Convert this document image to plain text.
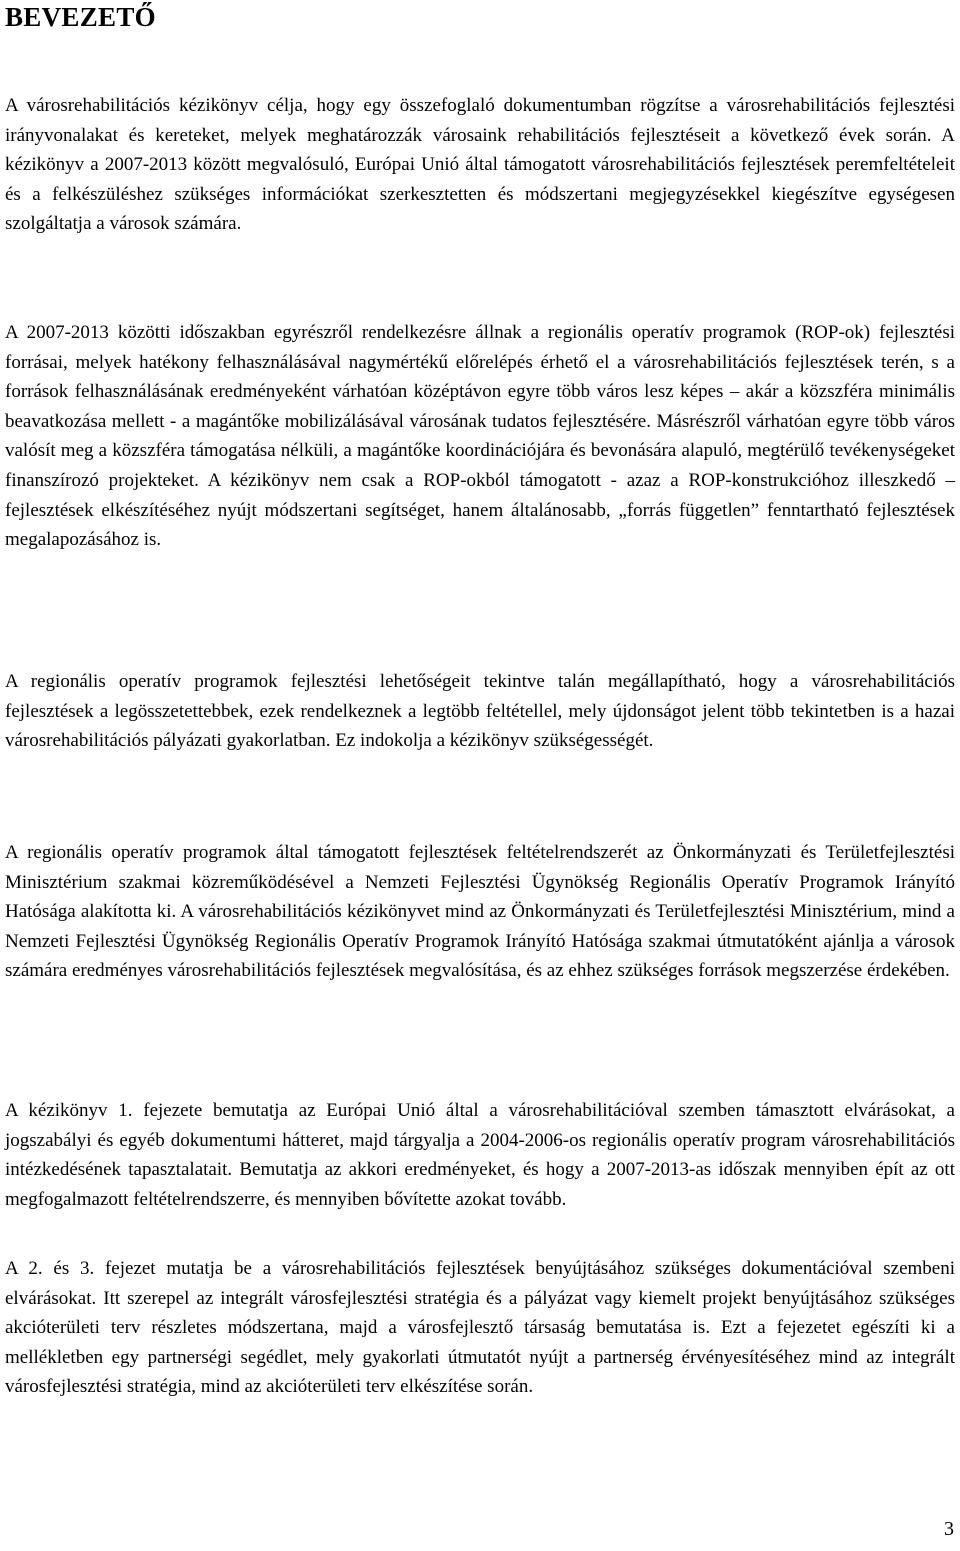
BEVEZETŐ

A városrehabilitációs kézikönyv célja, hogy egy összefoglaló dokumentumban rögzítse a városrehabilitációs fejlesztési irányvonalakat és kereteket, melyek meghatározzák városaink rehabilitációs fejlesztéseit a következő évek során. A kézikönyv a 2007-2013 között megvalósuló, Európai Unió által támogatott városrehabilitációs fejlesztések peremfeltételeit és a felkészüléshez szükséges információkat szerkesztetten és módszertani megjegyzésekkel kiegészítve egységesen szolgáltatja a városok számára.

A 2007-2013 közötti időszakban egyrészről rendelkezésre állnak a regionális operatív programok (ROP-ok) fejlesztési forrásai, melyek hatékony felhasználásával nagymértékű előrelépés érhető el a városrehabilitációs fejlesztések terén, s a források felhasználásának eredményeként várhatóan középtávon egyre több város lesz képes – akár a közszféra minimális beavatkozása mellett - a magántőke mobilizálásával városának tudatos fejlesztésére. Másrészről várhatóan egyre több város valósít meg a közszféra támogatása nélküli, a magántőke koordinációjára és bevonására alapuló, megtérülő tevékenységeket finanszírozó projekteket. A kézikönyv nem csak a ROP-okból támogatott - azaz a ROP-konstrukcióhoz illeszkedő – fejlesztések elkészítéséhez nyújt módszertani segítséget, hanem általánosabb, „forrás független” fenntartható fejlesztések megalapozásához is.

A regionális operatív programok fejlesztési lehetőségeit tekintve talán megállapítható, hogy a városrehabilitációs fejlesztések a legösszetettebbek, ezek rendelkeznek a legtöbb feltétellel, mely újdonságot jelent több tekintetben is a hazai városrehabilitációs pályázati gyakorlatban. Ez indokolja a kézikönyv szükségességét.

A regionális operatív programok által támogatott fejlesztések feltételrendszerét az Önkormányzati és Területfejlesztési Minisztérium szakmai közreműködésével a Nemzeti Fejlesztési Ügynökség Regionális Operatív Programok Irányító Hatósága alakította ki. A városrehabilitációs kézikönyvet mind az Önkormányzati és Területfejlesztési Minisztérium, mind a Nemzeti Fejlesztési Ügynökség Regionális Operatív Programok Irányító Hatósága szakmai útmutatóként ajánlja a városok számára eredményes városrehabilitációs fejlesztések megvalósítása, és az ehhez szükséges források megszerzése érdekében.

A kézikönyv 1. fejezete bemutatja az Európai Unió által a városrehabilitációval szemben támasztott elvárásokat, a jogszabályi és egyéb dokumentumi hátteret, majd tárgyalja a 2004-2006-os regionális operatív program városrehabilitációs intézkedésének tapasztalatait. Bemutatja az akkori eredményeket, és hogy a 2007-2013-as időszak mennyiben épít az ott megfogalmazott feltételrendszerre, és mennyiben bővítette azokat tovább.

A 2. és 3. fejezet mutatja be a városrehabilitációs fejlesztések benyújtásához szükséges dokumentációval szembeni elvárásokat. Itt szerepel az integrált városfejlesztési stratégia és a pályázat vagy kiemelt projekt benyújtásához szükséges akcióterületi terv részletes módszertana, majd a városfejlesztő társaság bemutatása is. Ezt a fejezetet egészíti ki a mellékletben egy partnerségi segédlet, mely gyakorlati útmutatót nyújt a partnerség érvényesítéséhez mind az integrált városfejlesztési stratégia, mind az akcióterületi terv elkészítése során.

3
